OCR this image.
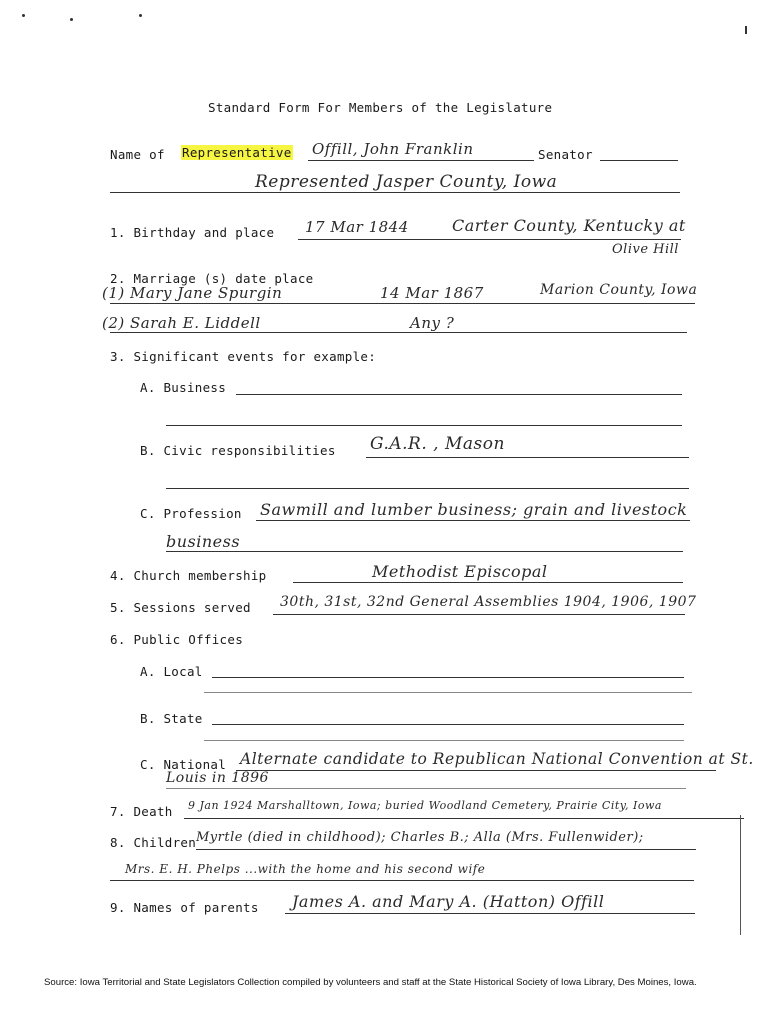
Standard Form For Members of the Legislature
Name of Representative Offill, John Franklin	Senator
Represented Jasper County, Iowa
1. Birthday and place 17 Mar 1844	Carter County, Kentucky at
Olive Hill
2. Marriage (s) date place
(1) Mary Jane Spurgin	14 Mar 1867	Marion County, Iowa
(2) Sarah E. Liddell	Any ?
3. Significant events for example:
A. Business
B. Civic responsibilities G.A.R. , Mason
C. Profession Sawmill and lumber business; grain and livestock
business
4. Church membership	Methodist Episcopal
5. Sessions served 30th, 31st, 32nd General Assemblies 1904, 1906, 1907
6. Public Offices
A. Local
B. State
C. National Alternate candidate to Republican National Convention at St.
Louis in 1896
7. Death 9 Jan 1924 Marshalltown, Iowa; buried Woodland Cemetery, Prairie City, Iowa
8. Children Myrtle (died in childhood); Charles B.; Alla (Mrs. Fullenwider);
Mrs. E. H. Phelps ...with the home and his second wife
9. Names of parents James A. and Mary A. (Hatton) Offill
Source: Iowa Territorial and State Legislators Collection compiled by volunteers and staff at the State Historical Society of Iowa Library, Des Moines, Iowa.
